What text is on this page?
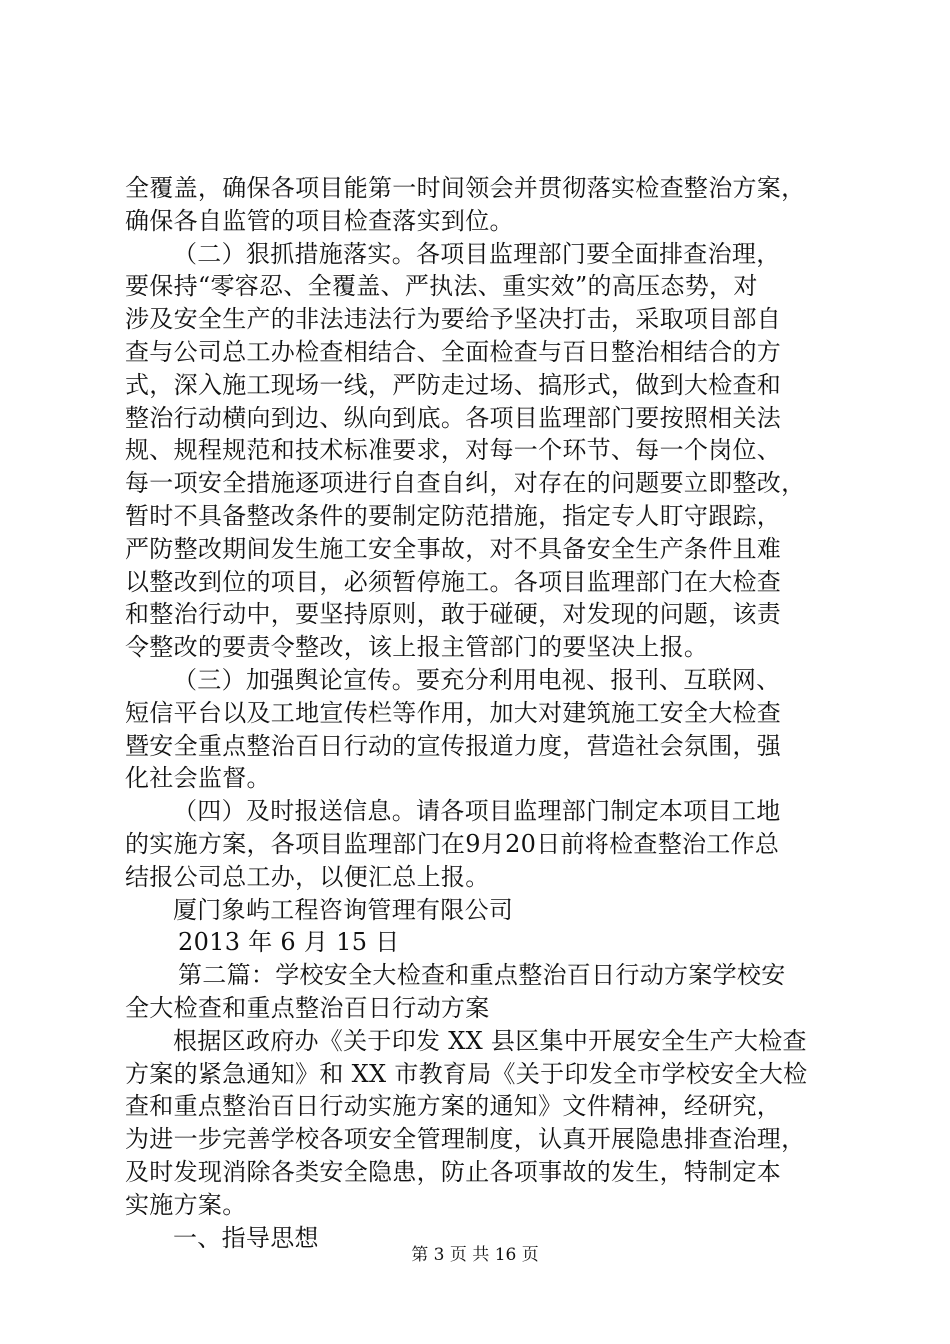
全覆盖，确保各项目能第一时间领会并贯彻落实检查整治方案，
确保各自监管的项目检查落实到位。
（二）狠抓措施落实。各项目监理部门要全面排查治理，
要保持“零容忍、全覆盖、严执法、重实效”的高压态势，对
涉及安全生产的非法违法行为要给予坚决打击，采取项目部自
查与公司总工办检查相结合、全面检查与百日整治相结合的方
式，深入施工现场一线，严防走过场、搞形式，做到大检查和
整治行动横向到边、纵向到底。各项目监理部门要按照相关法
规、规程规范和技术标准要求，对每一个环节、每一个岗位、
每一项安全措施逐项进行自查自纠，对存在的问题要立即整改，
暂时不具备整改条件的要制定防范措施，指定专人盯守跟踪，
严防整改期间发生施工安全事故，对不具备安全生产条件且难
以整改到位的项目，必须暂停施工。各项目监理部门在大检查
和整治行动中，要坚持原则，敢于碰硬，对发现的问题，该责
令整改的要责令整改，该上报主管部门的要坚决上报。
（三）加强舆论宣传。要充分利用电视、报刊、互联网、
短信平台以及工地宣传栏等作用，加大对建筑施工安全大检查
暨安全重点整治百日行动的宣传报道力度，营造社会氛围，强
化社会监督。
（四）及时报送信息。请各项目监理部门制定本项目工地
的实施方案，各项目监理部门在9月20日前将检查整治工作总
结报公司总工办，以便汇总上报。
厦门象屿工程咨询管理有限公司
2013 年 6 月 15 日
第二篇：学校安全大检查和重点整治百日行动方案学校安
全大检查和重点整治百日行动方案
根据区政府办《关于印发 XX 县区集中开展安全生产大检查
方案的紧急通知》和 XX 市教育局《关于印发全市学校安全大检
查和重点整治百日行动实施方案的通知》文件精神，经研究，
为进一步完善学校各项安全管理制度，认真开展隐患排查治理，
及时发现消除各类安全隐患，防止各项事故的发生，特制定本
实施方案。
一、指导思想
第 3 页 共 16 页
